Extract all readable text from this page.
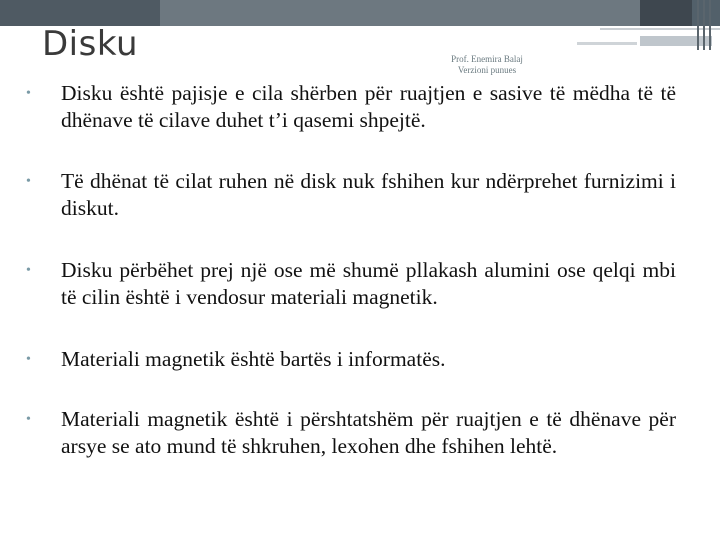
Disku	Prof. Enemira Balaj
Verzioni punues
• Disku është pajisje e cila shërben për ruajtjen e sasive të mëdha të të dhënave të cilave duhet t’i qasemi shpejtë.
• Të dhënat të cilat ruhen në disk nuk fshihen kur ndërprehet furnizimi i diskut.
• Disku përbëhet prej një ose më shumë pllakash alumini ose qelqi mbi të cilin është i vendosur materiali magnetik.
• Materiali magnetik është bartës i informatës.
• Materiali magnetik është i përshtatshëm për ruajtjen e të dhënave për arsye se ato mund të shkruhen, lexohen dhe fshihen lehtë.
